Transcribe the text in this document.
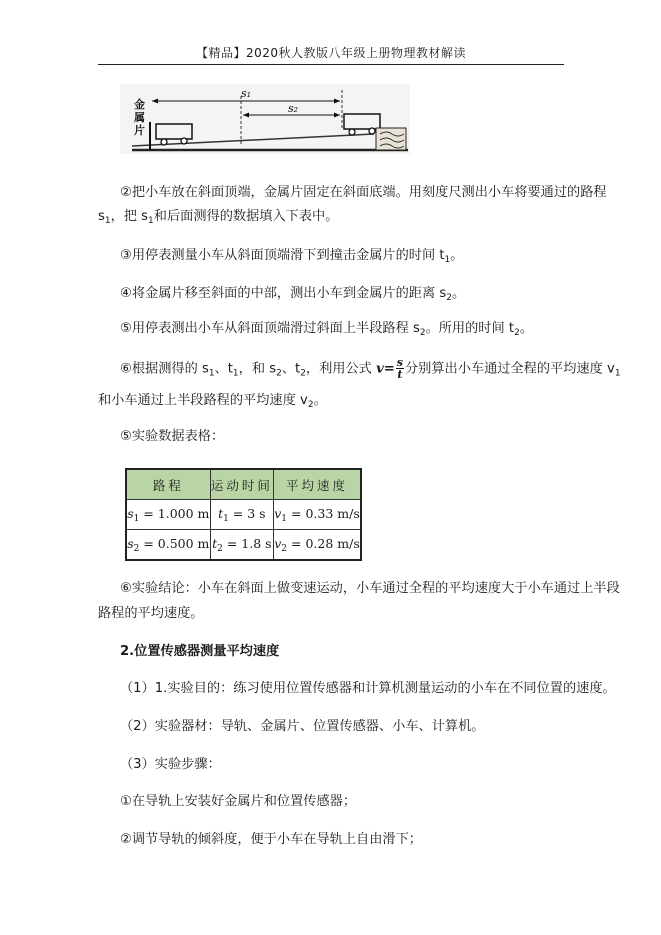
【精品】2020秋人教版八年级上册物理教材解读
s₁
s₂
金属片
②把小车放在斜面顶端，金属片固定在斜面底端。用刻度尺测出小车将要通过的路程
$s_1$，把 $s_1$和后面测得的数据填入下表中。
③用停表测量小车从斜面顶端滑下到撞击金属片的时间 $t_1$。
④将金属片移至斜面的中部，测出小车到金属片的距离 $s_2$。
⑤用停表测出小车从斜面顶端滑过斜面上半段路程 $s_2$。所用的时间 $t_2$。
⑥根据测得的 $s_1$、$t_1$，和 $s_2$、$t_2$，利用公式 $v= \frac{s}{t}$ 分别算出小车通过全程的平均速度 $v_1$
和小车通过上半段路程的平均速度 $v_2$。
⑤实验数据表格：
路程	运动时间	平均速度
$s_1 = 1.000$ m	$t_1 = 3$ s	$v_1 = 0.33$ m/s
$s_2 = 0.500$ m	$t_2 = 1.8$ s	$v_2 = 0.28$ m/s
⑥实验结论：小车在斜面上做变速运动，小车通过全程的平均速度大于小车通过上半段
路程的平均速度。
2.位置传感器测量平均速度
（1）1.实验目的：练习使用位置传感器和计算机测量运动的小车在不同位置的速度。
（2）实验器材：导轨、金属片、位置传感器、小车、计算机。
（3）实验步骤：
①在导轨上安装好金属片和位置传感器；
②调节导轨的倾斜度，便于小车在导轨上自由滑下；
